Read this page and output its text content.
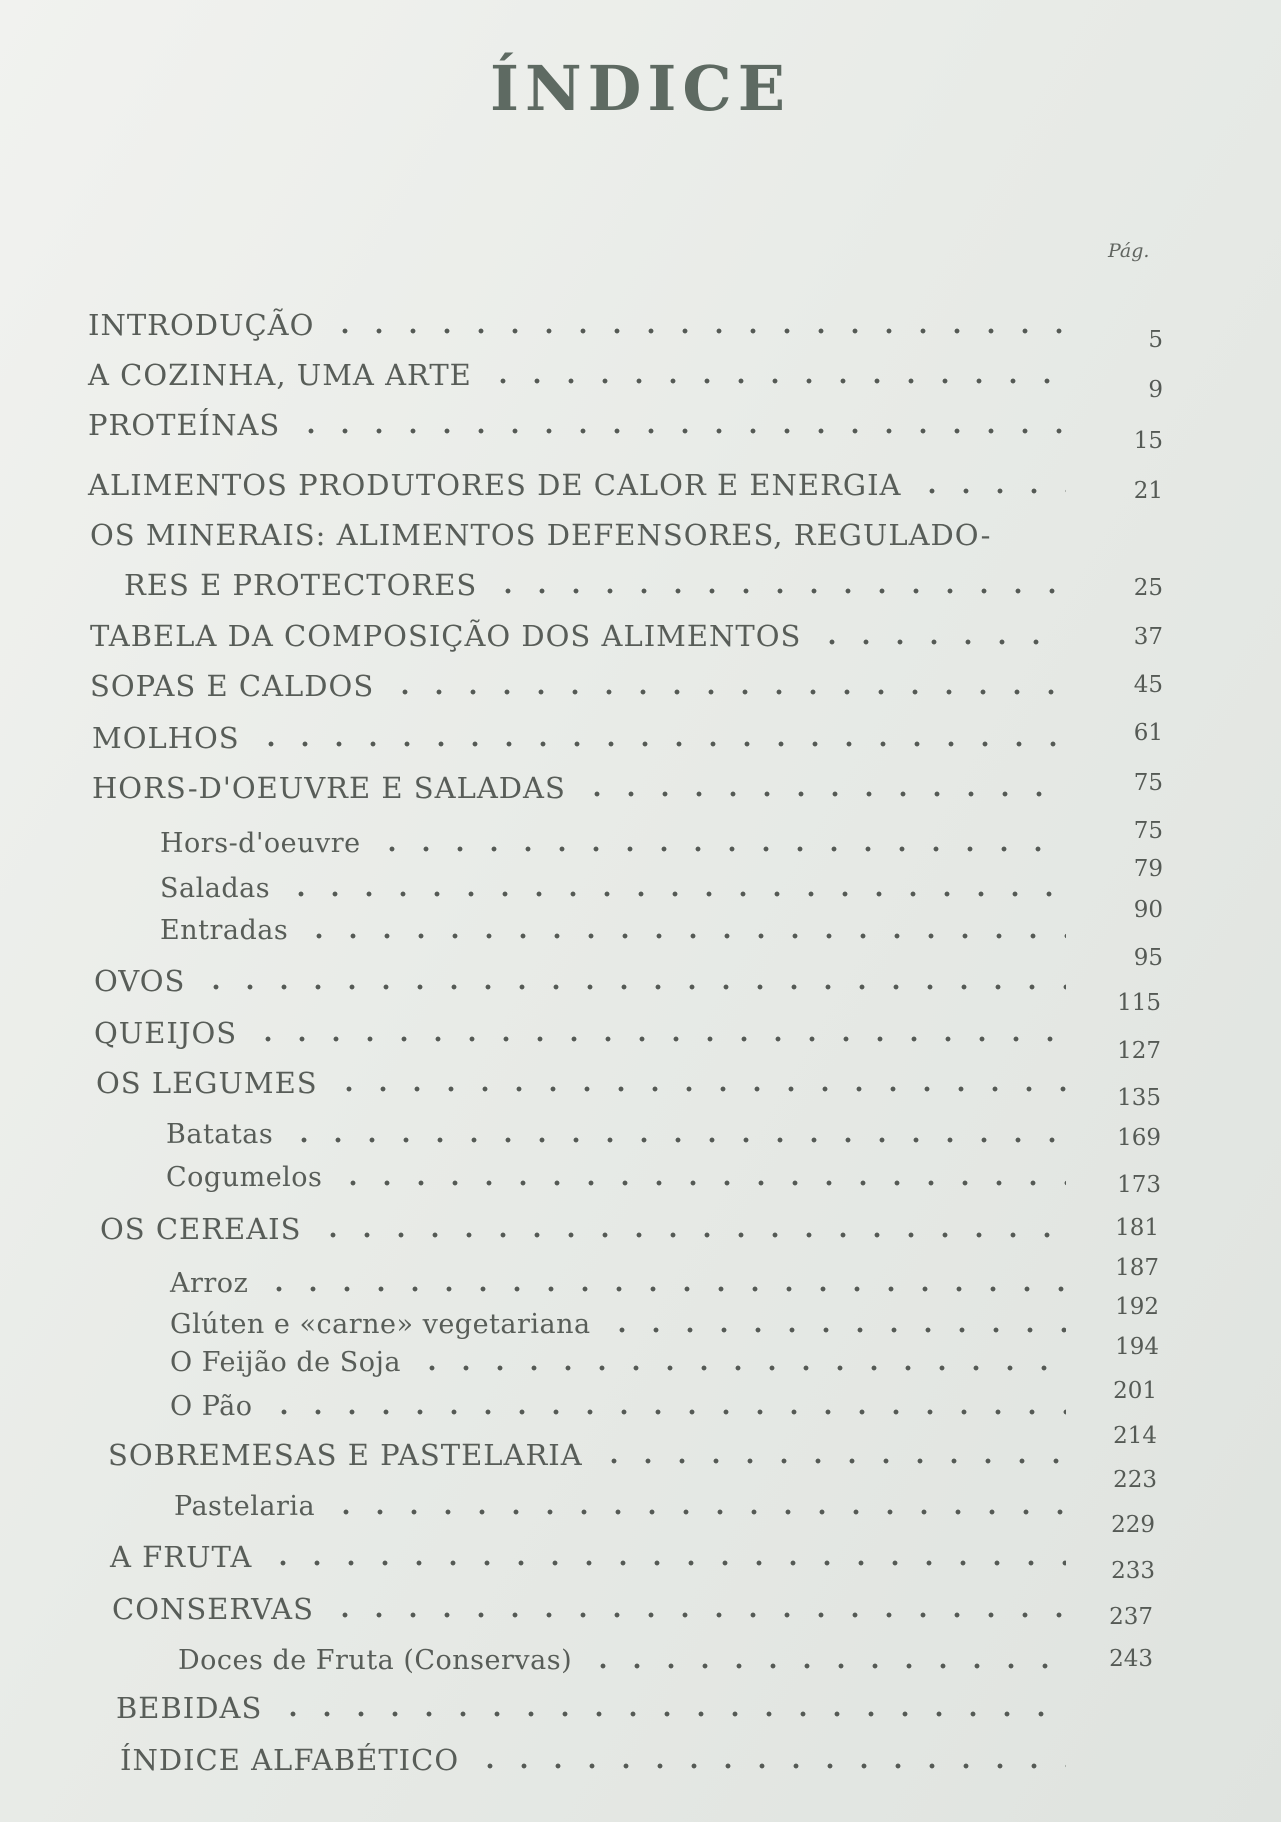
ÍNDICE
Pág.
INTRODUÇÃO
A COZINHA, UMA ARTE
PROTEÍNAS
ALIMENTOS PRODUTORES DE CALOR E ENERGIA
OS MINERAIS: ALIMENTOS DEFENSORES, REGULADO-
RES E PROTECTORES
TABELA DA COMPOSIÇÃO DOS ALIMENTOS
SOPAS E CALDOS
MOLHOS
HORS-D'OEUVRE E SALADAS
Hors-d'oeuvre
Saladas
Entradas
OVOS
QUEIJOS
OS LEGUMES
Batatas
Cogumelos
OS CEREAIS
Arroz
Glúten e «carne» vegetariana
O Feijão de Soja
O Pão
SOBREMESAS E PASTELARIA
Pastelaria
A FRUTA
CONSERVAS
Doces de Fruta (Conservas)
BEBIDAS
ÍNDICE ALFABÉTICO
5
9
15
21
25
37
45
61
75
75
79
90
95
115
127
135
169
173
181
187
192
194
201
214
223
229
233
237
243
